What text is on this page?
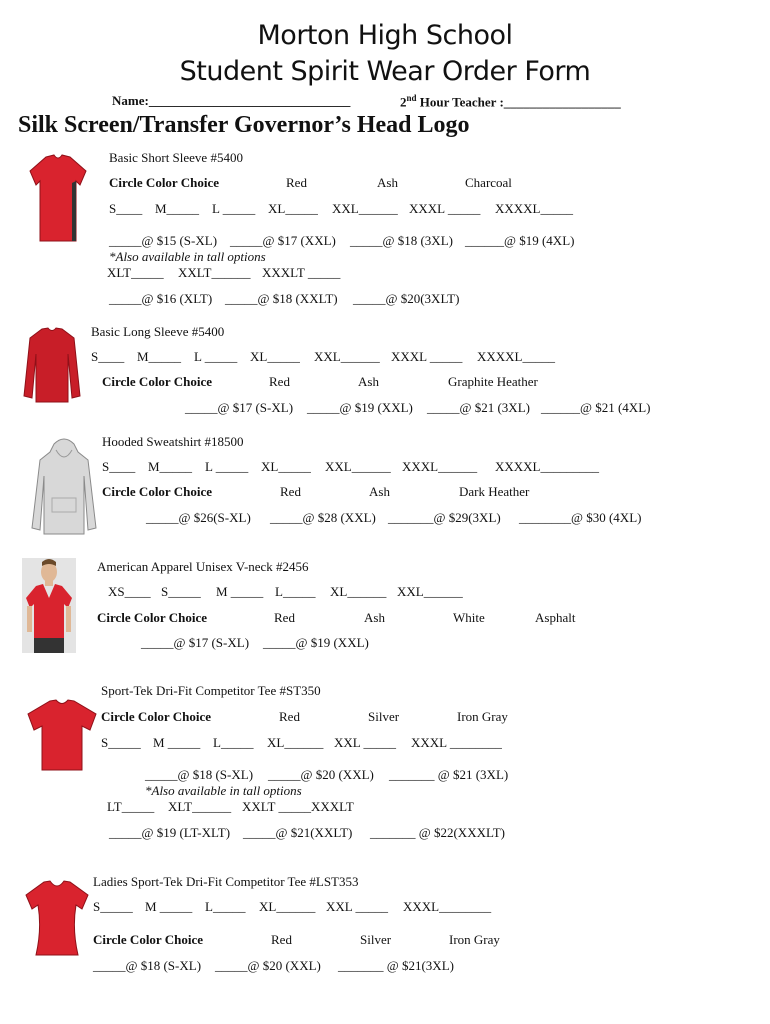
Morton High School
Student Spirit Wear Order Form
Name:_______________________________	2nd Hour Teacher :__________________
Silk Screen/Transfer Governor’s Head Logo
Basic Short Sleeve #5400
Circle Color Choice	Red	Ash	Charcoal
S____ M_____ L _____ XL_____ XXL______ XXXL _____ XXXXL_____
_____@ $15 (S-XL) _____@ $17 (XXL) _____@ $18 (3XL) ______@ $19 (4XL)
*Also available in tall options
XLT_____ XXLT______ XXXLT _____
_____@ $16 (XLT) _____@ $18 (XXLT) _____@ $20(3XLT)
Basic Long Sleeve #5400
S____ M_____ L _____ XL_____ XXL______ XXXL _____ XXXXL_____
Circle Color Choice	Red	Ash	Graphite Heather
_____@ $17 (S-XL) _____@ $19 (XXL) _____@ $21 (3XL) ______@ $21 (4XL)
Hooded Sweatshirt #18500
S____ M_____ L _____ XL_____ XXL______ XXXL______ XXXXL_________
Circle Color Choice	Red	Ash	Dark Heather
_____@ $26(S-XL) _____@ $28 (XXL) _______@ $29(3XL) ________@ $30 (4XL)
American Apparel Unisex V-neck #2456
XS____ S_____ M _____ L_____ XL______ XXL______
Circle Color Choice	Red	Ash	White	Asphalt
_____@ $17 (S-XL) _____@ $19 (XXL)
Sport-Tek Dri-Fit Competitor Tee #ST350
Circle Color Choice	Red	Silver	Iron Gray
S_____ M _____ L_____ XL______ XXL _____ XXXL ________
_____@ $18 (S-XL) _____@ $20 (XXL) _______ @ $21 (3XL)
*Also available in tall options
LT_____ XLT______ XXLT _____XXXLT
_____@ $19 (LT-XLT) _____@ $21(XXLT) _______ @ $22(XXXLT)
Ladies Sport-Tek Dri-Fit Competitor Tee #LST353
S_____ M _____ L_____ XL______ XXL _____ XXXL________
Circle Color Choice	Red	Silver	Iron Gray
_____@ $18 (S-XL) _____@ $20 (XXL) _______ @ $21(3XL)
